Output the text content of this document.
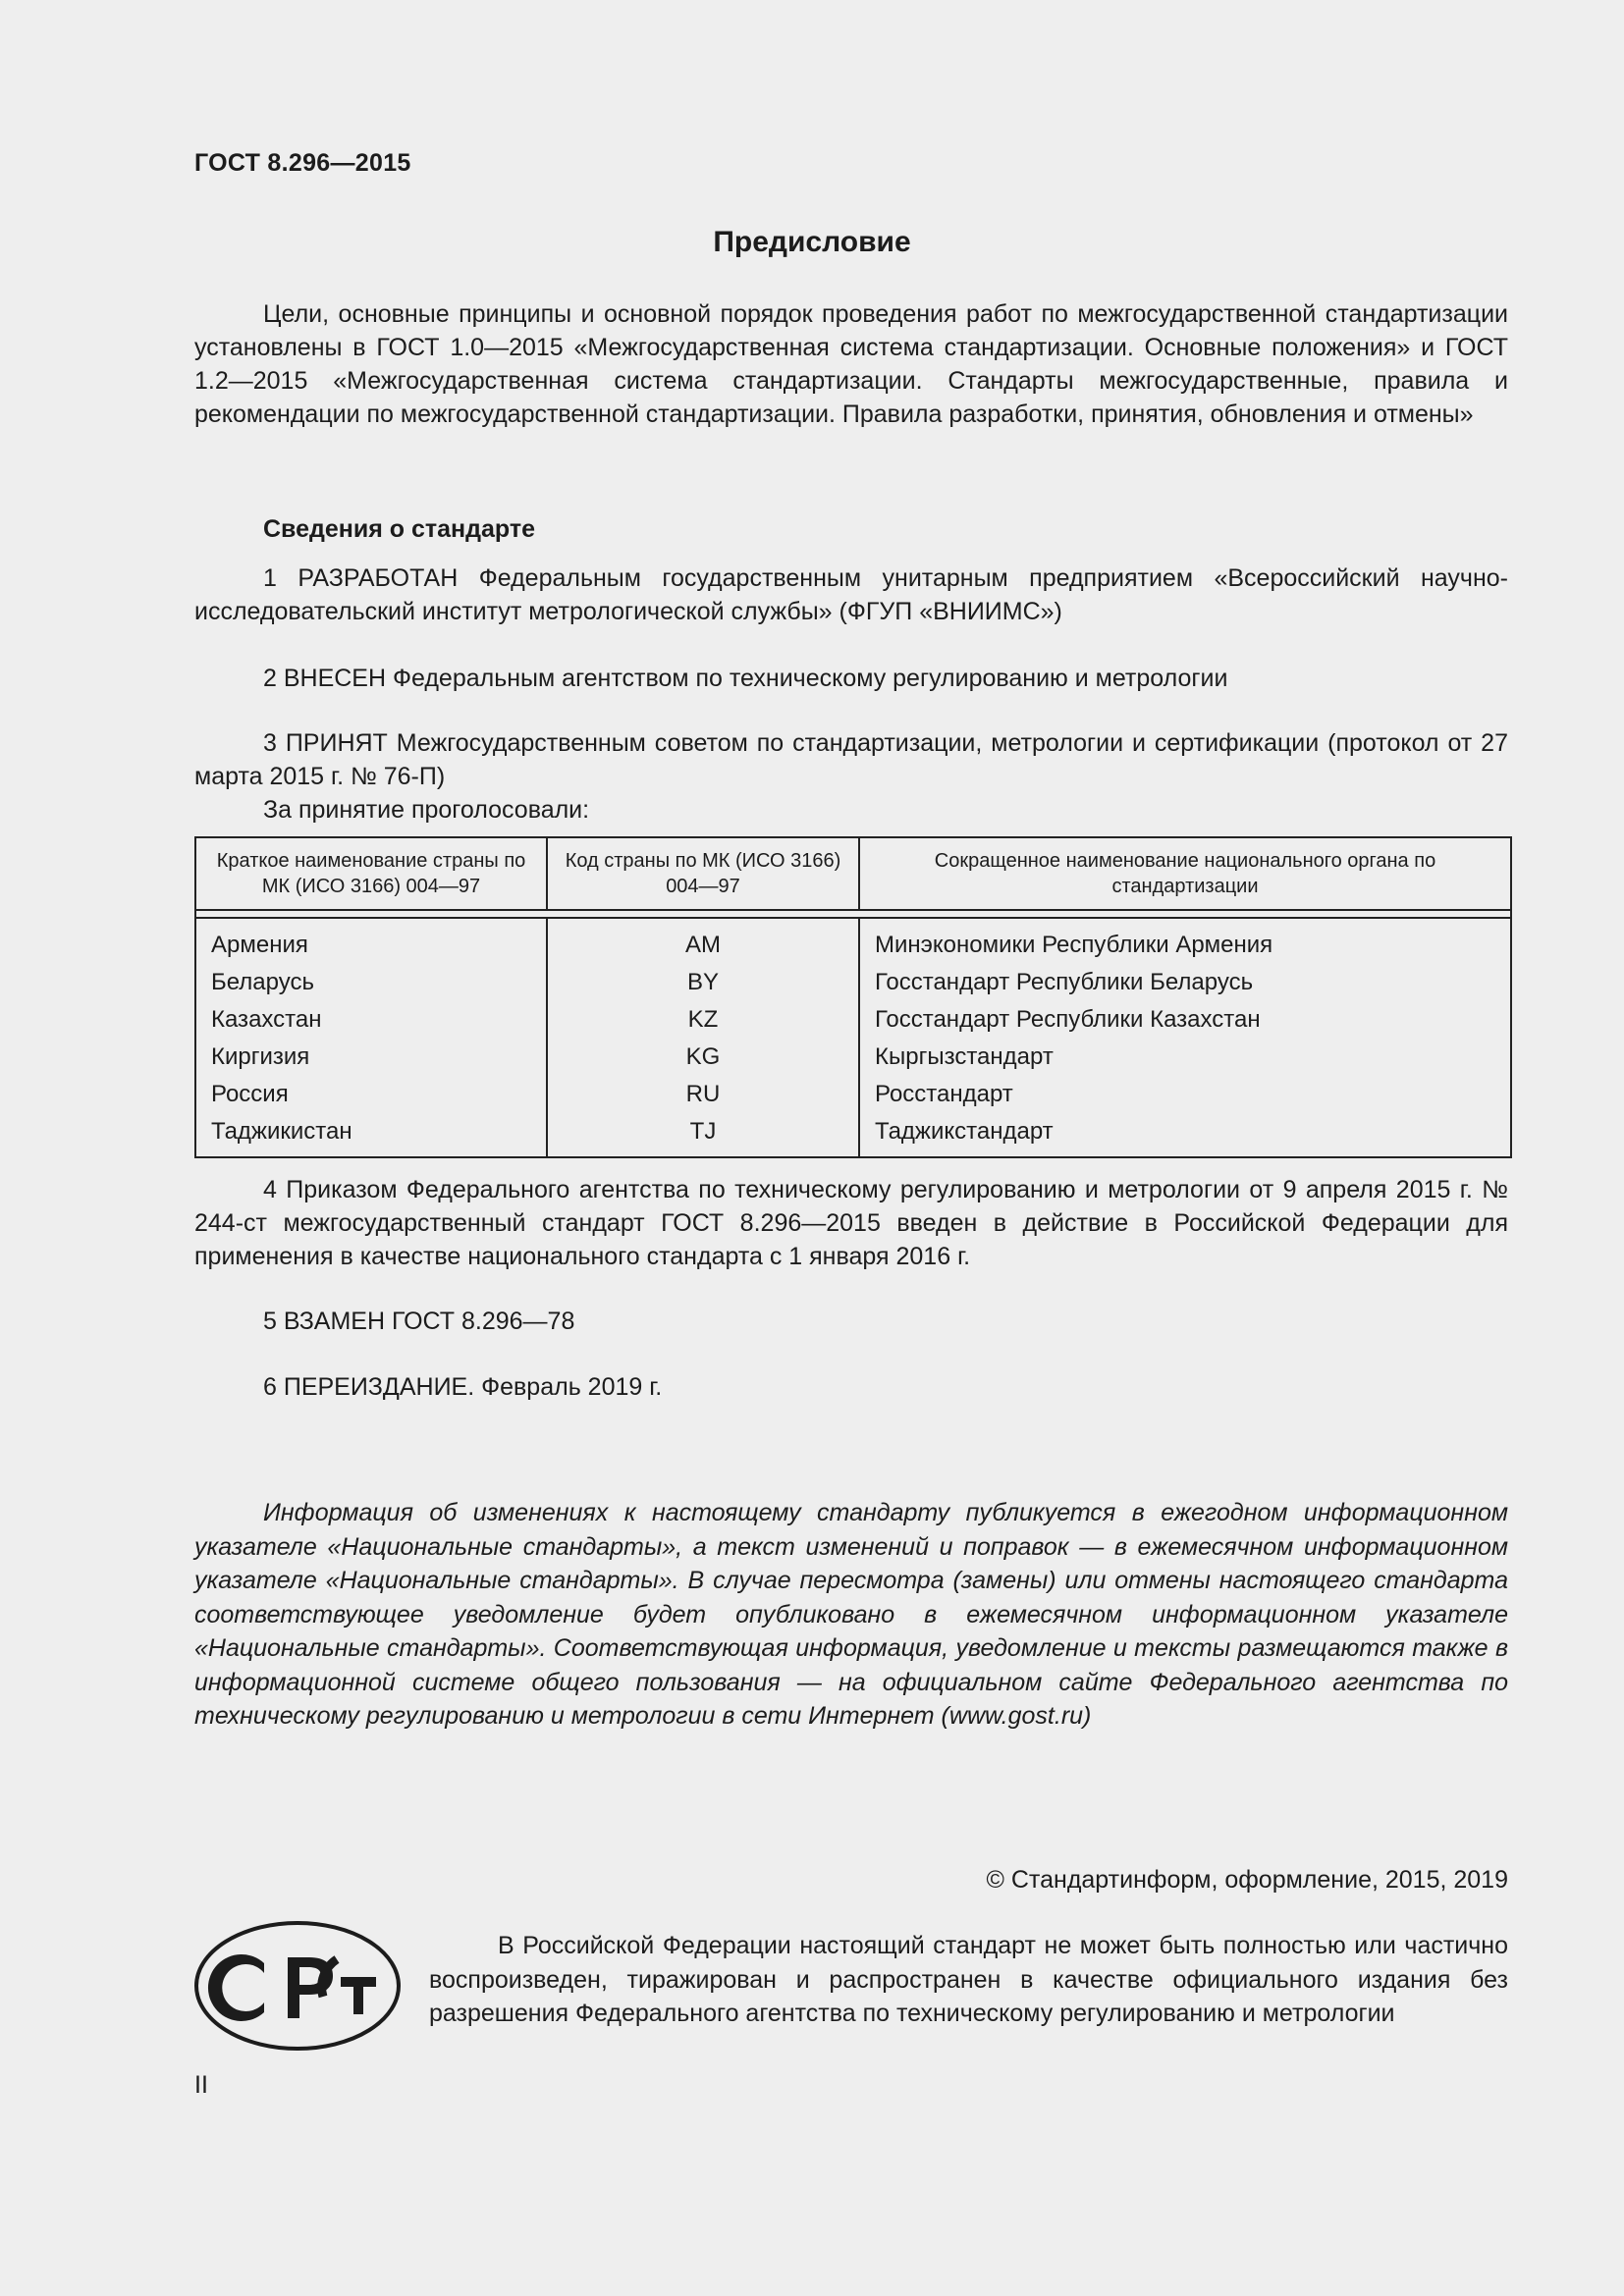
ГОСТ 8.296—2015
Предисловие
Цели, основные принципы и основной порядок проведения работ по межгосударственной стандартизации установлены в ГОСТ 1.0—2015 «Межгосударственная система стандартизации. Основные положения» и ГОСТ 1.2—2015 «Межгосударственная система стандартизации. Стандарты межгосударственные, правила и рекомендации по межгосударственной стандартизации. Правила разработки, принятия, обновления и отмены»
Сведения о стандарте
1 РАЗРАБОТАН Федеральным государственным унитарным предприятием «Всероссийский научно-исследовательский институт метрологической службы» (ФГУП «ВНИИМС»)
2 ВНЕСЕН Федеральным агентством по техническому регулированию и метрологии
3 ПРИНЯТ Межгосударственным советом по стандартизации, метрологии и сертификации (протокол от 27 марта 2015 г. № 76-П)
За принятие проголосовали:
Краткое наименование страны по МК (ИСО 3166) 004—97
Код страны по МК (ИСО 3166) 004—97
Сокращенное наименование национального органа по стандартизации
Армения
Беларусь
Казахстан
Киргизия
Россия
Таджикистан
AM
BY
KZ
KG
RU
TJ
Минэкономики Республики Армения
Госстандарт Республики Беларусь
Госстандарт Республики Казахстан
Кыргызстандарт
Росстандарт
Таджикстандарт
4 Приказом Федерального агентства по техническому регулированию и метрологии от 9 апреля 2015 г. № 244-ст межгосударственный стандарт ГОСТ 8.296—2015 введен в действие в Российской Федерации для применения в качестве национального стандарта с 1 января 2016 г.
5 ВЗАМЕН ГОСТ 8.296—78
6 ПЕРЕИЗДАНИЕ. Февраль 2019 г.
Информация об изменениях к настоящему стандарту публикуется в ежегодном информационном указателе «Национальные стандарты», а текст изменений и поправок — в ежемесячном информационном указателе «Национальные стандарты». В случае пересмотра (замены) или отмены настоящего стандарта соответствующее уведомление будет опубликовано в ежемесячном информационном указателе «Национальные стандарты». Соответствующая информация, уведомление и тексты размещаются также в информационной системе общего пользования — на официальном сайте Федерального агентства по техническому регулированию и метрологии в сети Интернет (www.gost.ru)
© Стандартинформ, оформление, 2015, 2019
В Российской Федерации настоящий стандарт не может быть полностью или частично воспроизведен, тиражирован и распространен в качестве официального издания без разрешения Федерального агентства по техническому регулированию и метрологии
II
